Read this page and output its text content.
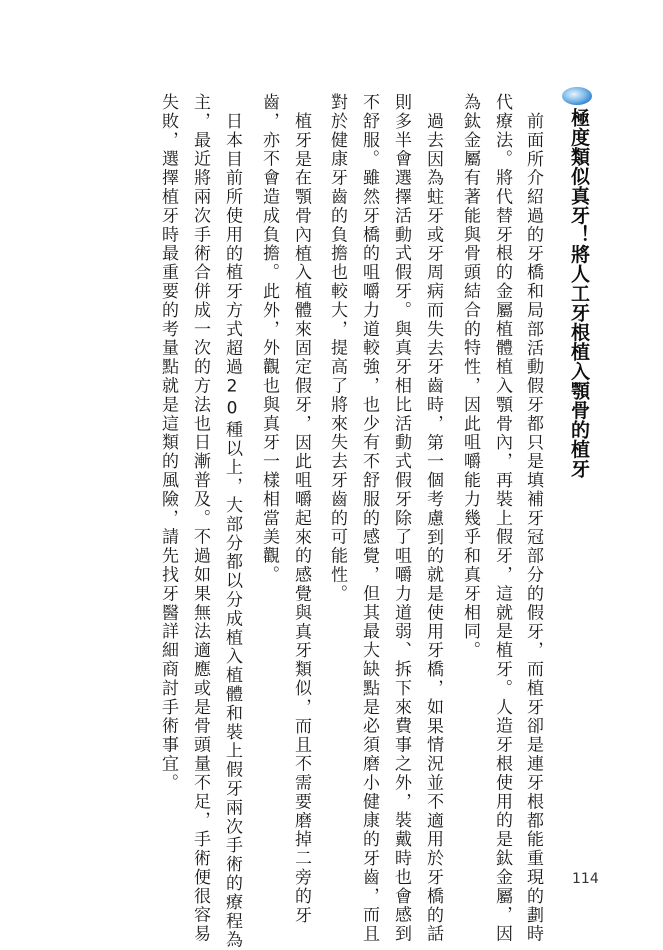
極度類似真牙！將人工牙根植入顎骨的植牙
前面所介紹過的牙橋和局部活動假牙都只是填補牙冠部分的假牙，而植牙卻是連牙根都能重現的劃時
代療法。將代替牙根的金屬植體植入顎骨內，再裝上假牙，這就是植牙。人造牙根使用的是鈦金屬，因
為鈦金屬有著能與骨頭結合的特性，因此咀嚼能力幾乎和真牙相同。
過去因為蛀牙或牙周病而失去牙齒時，第一個考慮到的就是使用牙橋，如果情況並不適用於牙橋的話
則多半會選擇活動式假牙。與真牙相比活動式假牙除了咀嚼力道弱、拆下來費事之外，裝戴時也會感到
不舒服。雖然牙橋的咀嚼力道較強，也少有不舒服的感覺，但其最大缺點是必須磨小健康的牙齒，而且
對於健康牙齒的負擔也較大，提高了將來失去牙齒的可能性。
植牙是在顎骨內植入植體來固定假牙，因此咀嚼起來的感覺與真牙類似，而且不需要磨掉二旁的牙
齒，亦不會造成負擔。此外，外觀也與真牙一樣相當美觀。
日本目前所使用的植牙方式超過20種以上，大部分都以分成植入植體和裝上假牙兩次手術的療程為
主，最近將兩次手術合併成一次的方法也日漸普及。不過如果無法適應或是骨頭量不足，手術便很容易
失敗，選擇植牙時最重要的考量點就是這類的風險，請先找牙醫詳細商討手術事宜。
114
